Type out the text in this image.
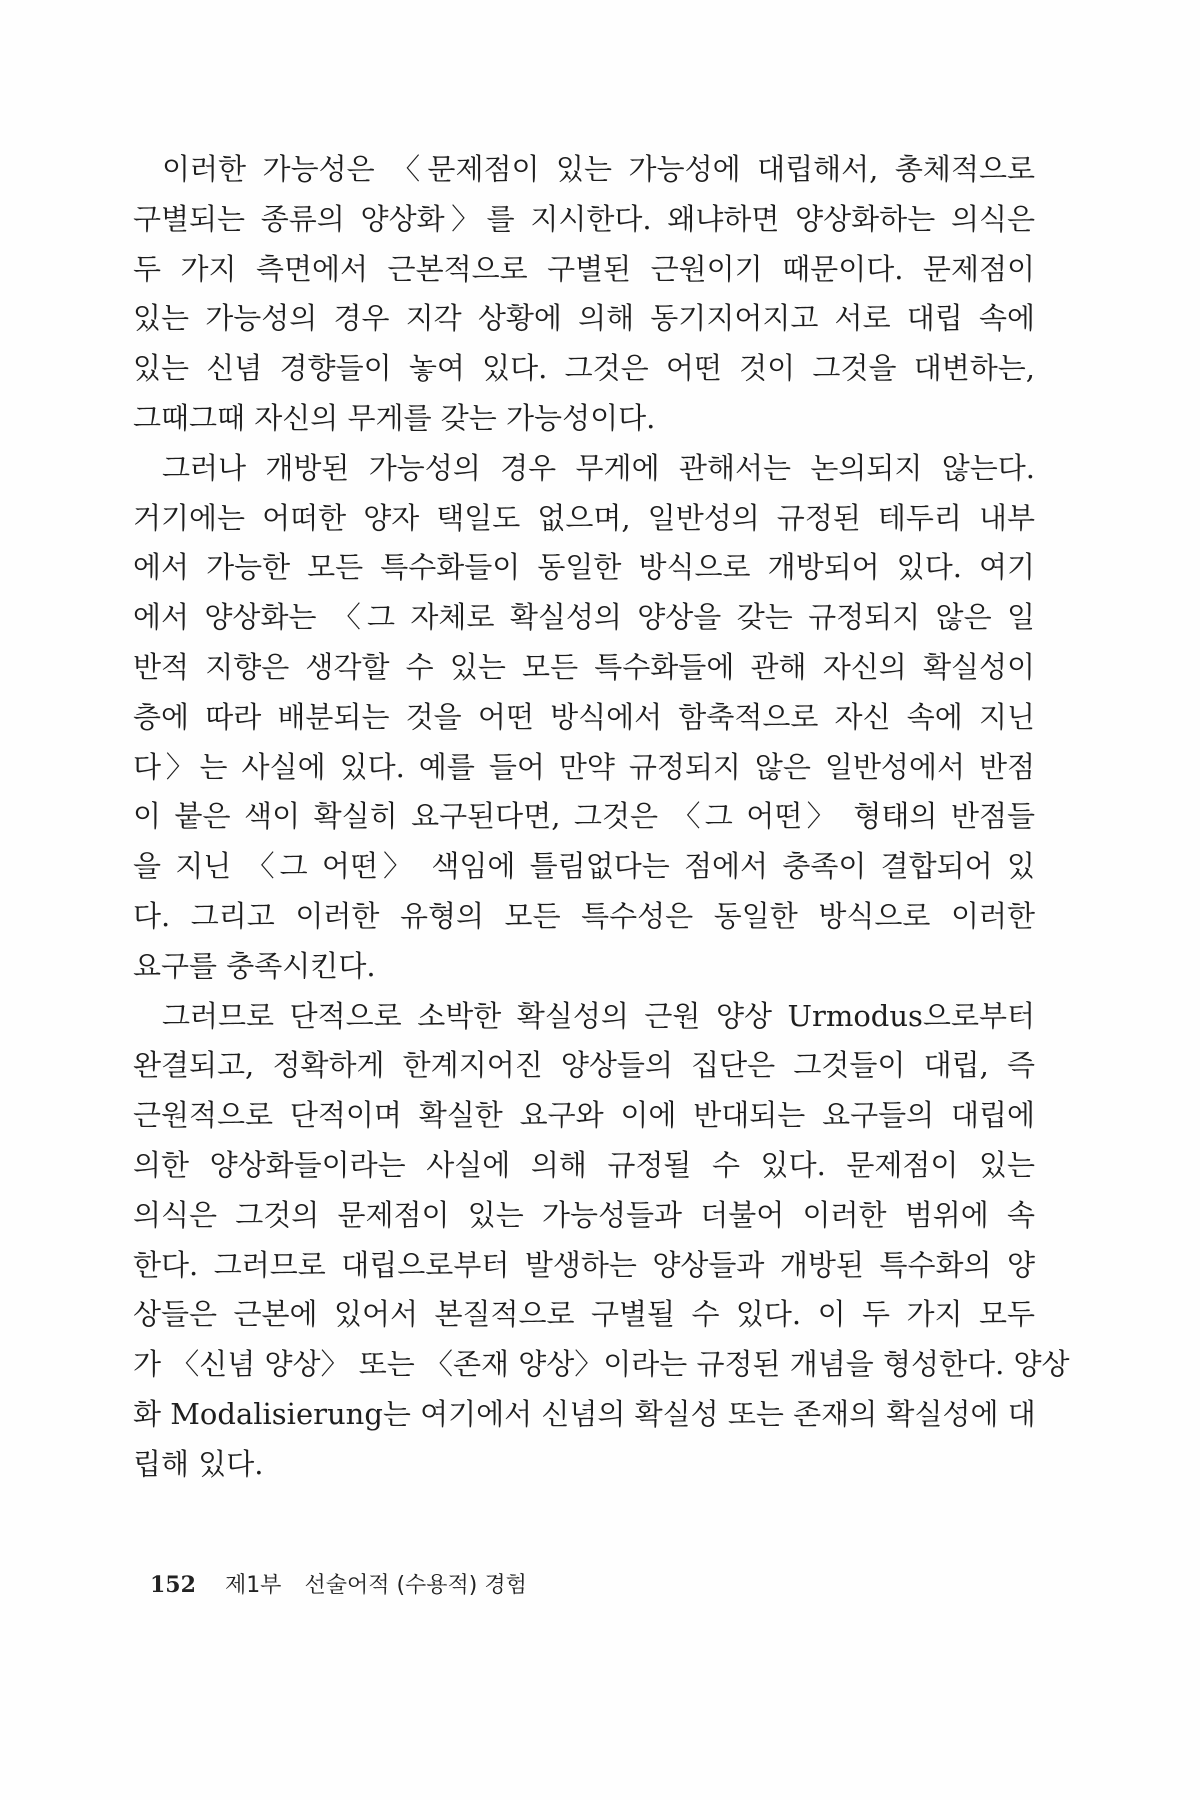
이러한 가능성은 〈문제점이 있는 가능성에 대립해서, 총체적으로
구별되는 종류의 양상화〉를 지시한다. 왜냐하면 양상화하는 의식은
두 가지 측면에서 근본적으로 구별된 근원이기 때문이다. 문제점이
있는 가능성의 경우 지각 상황에 의해 동기지어지고 서로 대립 속에
있는 신념 경향들이 놓여 있다. 그것은 어떤 것이 그것을 대변하는,
그때그때 자신의 무게를 갖는 가능성이다.
그러나 개방된 가능성의 경우 무게에 관해서는 논의되지 않는다.
거기에는 어떠한 양자 택일도 없으며, 일반성의 규정된 테두리 내부
에서 가능한 모든 특수화들이 동일한 방식으로 개방되어 있다. 여기
에서 양상화는 〈그 자체로 확실성의 양상을 갖는 규정되지 않은 일
반적 지향은 생각할 수 있는 모든 특수화들에 관해 자신의 확실성이
층에 따라 배분되는 것을 어떤 방식에서 함축적으로 자신 속에 지닌
다〉는 사실에 있다. 예를 들어 만약 규정되지 않은 일반성에서 반점
이 붙은 색이 확실히 요구된다면, 그것은 〈그 어떤〉 형태의 반점들
을 지닌 〈그 어떤〉 색임에 틀림없다는 점에서 충족이 결합되어 있
다. 그리고 이러한 유형의 모든 특수성은 동일한 방식으로 이러한
요구를 충족시킨다.
그러므로 단적으로 소박한 확실성의 근원 양상 Urmodus으로부터
완결되고, 정확하게 한계지어진 양상들의 집단은 그것들이 대립, 즉
근원적으로 단적이며 확실한 요구와 이에 반대되는 요구들의 대립에
의한 양상화들이라는 사실에 의해 규정될 수 있다. 문제점이 있는
의식은 그것의 문제점이 있는 가능성들과 더불어 이러한 범위에 속
한다. 그러므로 대립으로부터 발생하는 양상들과 개방된 특수화의 양
상들은 근본에 있어서 본질적으로 구별될 수 있다. 이 두 가지 모두
가 〈신념 양상〉 또는 〈존재 양상〉이라는 규정된 개념을 형성한다. 양상
화 Modalisierung는 여기에서 신념의 확실성 또는 존재의 확실성에 대
립해 있다.
152 제1부 선술어적 (수용적) 경험
